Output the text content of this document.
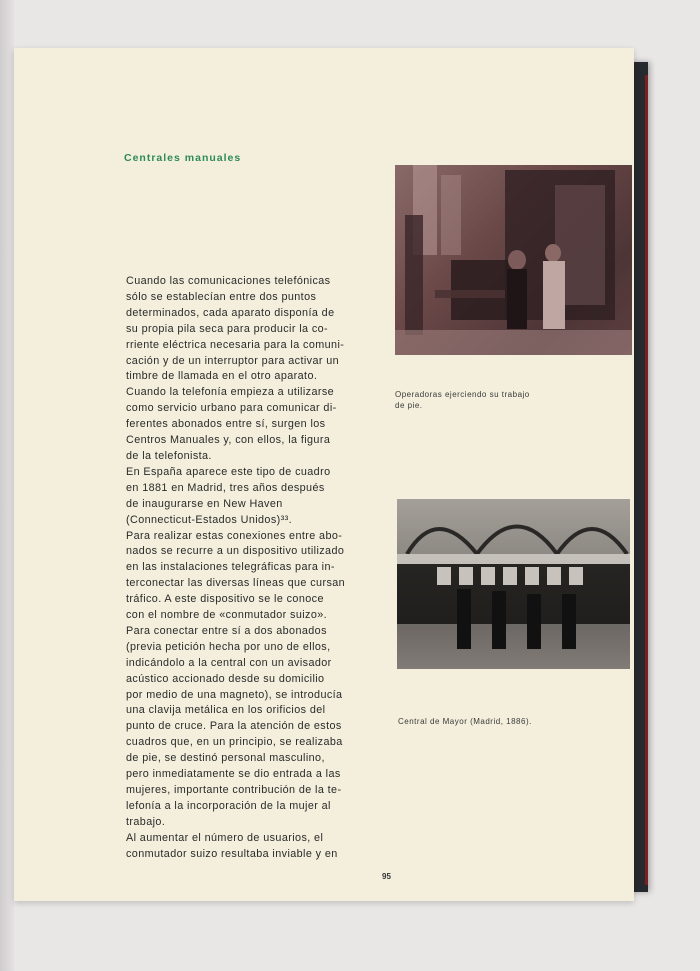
Centrales manuales
Cuando las comunicaciones telefónicas
sólo se establecían entre dos puntos
determinados, cada aparato disponía de
su propia pila seca para producir la co-
rriente eléctrica necesaria para la comuni-
cación y de un interruptor para activar un
timbre de llamada en el otro aparato.
Cuando la telefonía empieza a utilizarse
como servicio urbano para comunicar di-
ferentes abonados entre sí, surgen los
Centros Manuales y, con ellos, la figura
de la telefonista.
En España aparece este tipo de cuadro
en 1881 en Madrid, tres años después
de inaugurarse en New Haven
(Connecticut-Estados Unidos)³³.
Para realizar estas conexiones entre abo-
nados se recurre a un dispositivo utilizado
en las instalaciones telegráficas para in-
terconectar las diversas líneas que cursan
tráfico. A este dispositivo se le conoce
con el nombre de «conmutador suizo».
Para conectar entre sí a dos abonados
(previa petición hecha por uno de ellos,
indicándolo a la central con un avisador
acústico accionado desde su domicilio
por medio de una magneto), se introducía
una clavija metálica en los orificios del
punto de cruce. Para la atención de estos
cuadros que, en un principio, se realizaba
de pie, se destinó personal masculino,
pero inmediatamente se dio entrada a las
mujeres, importante contribución de la te-
lefonía a la incorporación de la mujer al
trabajo.
Al aumentar el número de usuarios, el
conmutador suizo resultaba inviable y en
Operadoras ejerciendo su trabajo
de pie.
Central de Mayor (Madrid, 1886).
95
